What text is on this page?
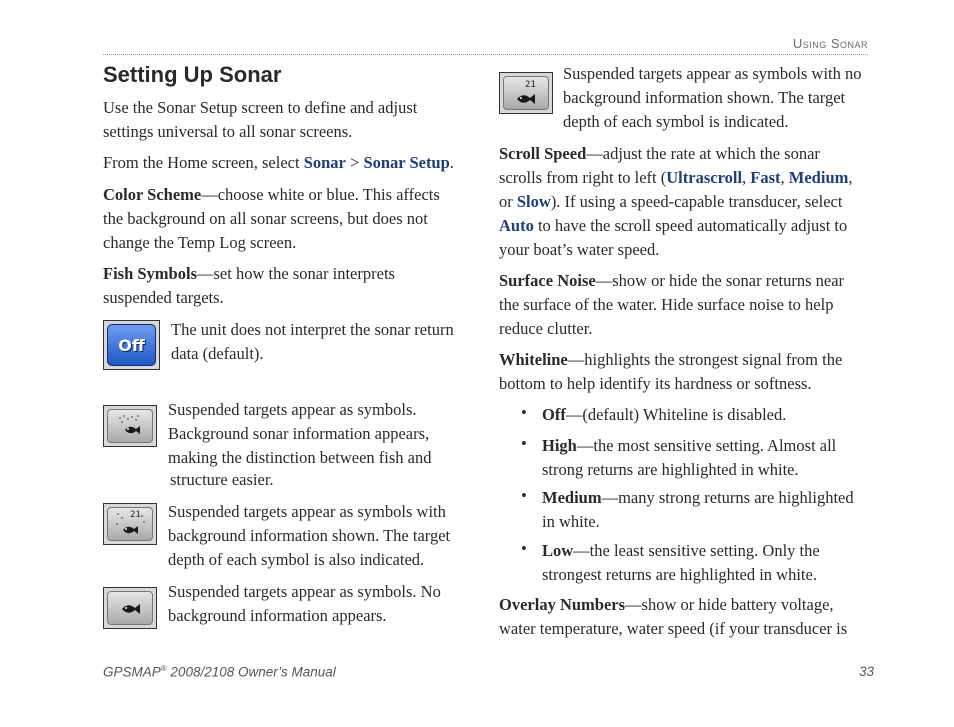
Using Sonar
Setting Up Sonar

Use the Sonar Setup screen to define and adjust settings universal to all sonar screens.

From the Home screen, select Sonar > Sonar Setup.

Color Scheme—choose white or blue. This affects the background on all sonar screens, but does not change the Temp Log screen.

Fish Symbols—set how the sonar interprets suspended targets.

Off

The unit does not interpret the sonar return data (default).

Suspended targets appear as symbols. Background sonar information appears, making the distinction between fish and

structure easier.

21 Suspended targets appear as symbols with background information shown. The target depth of each symbol is also indicated.

Suspended targets appear as symbols. No background information appears.

21

Suspended targets appear as symbols with no background information shown. The target depth of each symbol is indicated.

Scroll Speed—adjust the rate at which the sonar scrolls from right to left (Ultrascroll, Fast, Medium, or Slow). If using a speed-capable transducer, select Auto to have the scroll speed automatically adjust to your boat’s water speed.

Surface Noise—show or hide the sonar returns near the surface of the water. Hide surface noise to help reduce clutter.

Whiteline—highlights the strongest signal from the bottom to help identify its hardness or softness.

• Off—(default) Whiteline is disabled.

• High—the most sensitive setting. Almost all strong returns are highlighted in white.

• Medium—many strong returns are highlighted in white.

• Low—the least sensitive setting. Only the strongest returns are highlighted in white.

Overlay Numbers—show or hide battery voltage, water temperature, water speed (if your transducer is

GPSMAP® 2008/2108 Owner’s Manual	33
